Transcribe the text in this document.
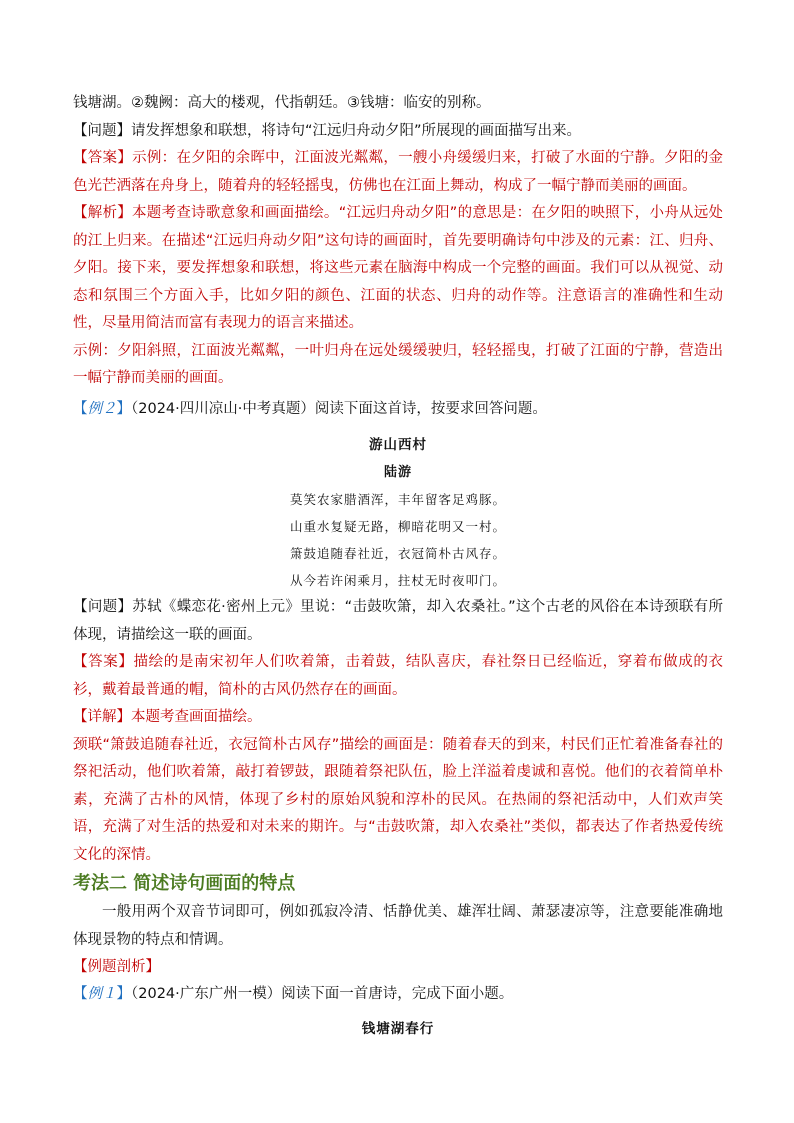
钱塘湖。②魏阙：高大的楼观，代指朝廷。③钱塘：临安的别称。

【问题】请发挥想象和联想，将诗句“江远归舟动夕阳”所展现的画面描写出来。

【答案】示例：在夕阳的余晖中，江面波光粼粼，一艘小舟缓缓归来，打破了水面的宁静。夕阳的金色光芒洒落在舟身上，随着舟的轻轻摇曳，仿佛也在江面上舞动，构成了一幅宁静而美丽的画面。

【解析】本题考查诗歌意象和画面描绘。“江远归舟动夕阳”的意思是：在夕阳的映照下，小舟从远处的江上归来。在描述“江远归舟动夕阳”这句诗的画面时，首先要明确诗句中涉及的元素：江、归舟、夕阳。接下来，要发挥想象和联想，将这些元素在脑海中构成一个完整的画面。我们可以从视觉、动态和氛围三个方面入手，比如夕阳的颜色、江面的状态、归舟的动作等。注意语言的准确性和生动性，尽量用简洁而富有表现力的语言来描述。

示例：夕阳斜照，江面波光粼粼，一叶归舟在远处缓缓驶归，轻轻摇曳，打破了江面的宁静，营造出一幅宁静而美丽的画面。

【例２】（2024·四川凉山·中考真题）阅读下面这首诗，按要求回答问题。

游山西村

陆游

莫笑农家腊酒浑，丰年留客足鸡豚。

山重水复疑无路，柳暗花明又一村。

箫鼓追随春社近，衣冠简朴古风存。

从今若许闲乘月，拄杖无时夜叩门。

【问题】苏轼《蝶恋花·密州上元》里说：“击鼓吹箫，却入农桑社。”这个古老的风俗在本诗颈联有所体现，请描绘这一联的画面。

【答案】描绘的是南宋初年人们吹着箫，击着鼓，结队喜庆，春社祭日已经临近，穿着布做成的衣衫，戴着最普通的帽，简朴的古风仍然存在的画面。

【详解】本题考查画面描绘。

颈联“箫鼓追随春社近，衣冠简朴古风存”描绘的画面是：随着春天的到来，村民们正忙着准备春社的祭祀活动，他们吹着箫，敲打着锣鼓，跟随着祭祀队伍，脸上洋溢着虔诚和喜悦。他们的衣着简单朴素，充满了古朴的风情，体现了乡村的原始风貌和淳朴的民风。在热闹的祭祀活动中，人们欢声笑语，充满了对生活的热爱和对未来的期许。与“击鼓吹箫，却入农桑社”类似，都表达了作者热爱传统文化的深情。

考法二 简述诗句画面的特点

一般用两个双音节词即可，例如孤寂冷清、恬静优美、雄浑壮阔、萧瑟凄凉等，注意要能准确地体现景物的特点和情调。

【例题剖析】

【例１】（2024·广东广州一模）阅读下面一首唐诗，完成下面小题。

钱塘湖春行
